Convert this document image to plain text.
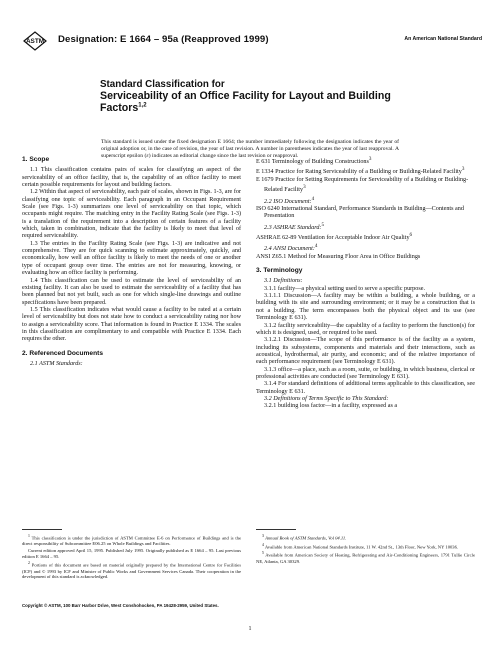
ASTM Designation: E 1664 – 95a (Reapproved 1999)	An American National Standard
Standard Classification for
Serviceability of an Office Facility for Layout and Building
Factors$^{1,2}$
This standard is issued under the fixed designation E 1664; the number immediately following the designation indicates the year of original adoption or, in the case of revision, the year of last revision. A number in parentheses indicates the year of last reapproval. A superscript epsilon (ε) indicates an editorial change since the last revision or reapproval.
1. Scope

1.1 This classification contains pairs of scales for classifying an aspect of the serviceability of an office facility, that is, the capability of an office facility to meet certain possible requirements for layout and building factors.

1.2 Within that aspect of serviceability, each pair of scales, shown in Figs. 1-3, are for classifying one topic of serviceability. Each paragraph in an Occupant Requirement Scale (see Figs. 1-3) summarizes one level of serviceability on that topic, which occupants might require. The matching entry in the Facility Rating Scale (see Figs. 1-3) is a translation of the requirement into a description of certain features of a facility which, taken in combination, indicate that the facility is likely to meet that level of required serviceability.

1.3 The entries in the Facility Rating Scale (see Figs. 1-3) are indicative and not comprehensive. They are for quick scanning to estimate approximately, quickly, and economically, how well an office facility is likely to meet the needs of one or another type of occupant group over time. The entries are not for measuring, knowing, or evaluating how an office facility is performing.

1.4 This classification can be used to estimate the level of serviceability of an existing facility. It can also be used to estimate the serviceability of a facility that has been planned but not yet built, such as one for which single-line drawings and outline specifications have been prepared.

1.5 This classification indicates what would cause a facility to be rated at a certain level of serviceability but does not state how to conduct a serviceability rating nor how to assign a serviceability score. That information is found in Practice E 1334. The scales in this classification are complimentary to and compatible with Practice E 1334. Each requires the other.

2. Referenced Documents

2.1 ASTM Standards:

E 631 Terminology of Building Constructions$^3$

E 1334 Practice for Rating Serviceability of a Building or Building-Related Facility$^3$

E 1679 Practice for Setting Requirements for Serviceability of a Building or Building-Related Facility$^3$

2.2 ISO Document:$^4$

ISO 6240 International Standard, Performance Standards in Building—Contents and Presentation

2.3 ASHRAE Standard:$^5$

ASHRAE 62-89 Ventilation for Acceptable Indoor Air Quality$^6$

2.4 ANSI Document:$^4$

ANSI Z65.1 Method for Measuring Floor Area in Office Buildings

3. Terminology

3.1 Definitions:

3.1.1 facility—a physical setting used to serve a specific purpose.

3.1.1.1 Discussion—A facility may be within a building, a whole building, or a building with its site and surrounding environment; or it may be a construction that is not a building. The term encompasses both the physical object and its use (see Terminology E 631).

3.1.2 facility serviceability—the capability of a facility to perform the function(s) for which it is designed, used, or required to be used.

3.1.2.1 Discussion—The scope of this performance is of the facility as a system, including its subsystems, components and materials and their interactions, such as acoustical, hydrothermal, air purity, and economic; and of the relative importance of each performance requirement (see Terminology E 631).

3.1.3 office—a place, such as a room, suite, or building, in which business, clerical or professional activities are conducted (see Terminology E 631).

3.1.4 For standard definitions of additional terms applicable to this classification, see Terminology E 631.

3.2 Definitions of Terms Specific to This Standard:

3.2.1 building loss factor—in a facility, expressed as a

$^1$ This classification is under the jurisdiction of ASTM Committee E-6 on Performance of Buildings and is the direct responsibility of Subcommittee E06.25 on Whole Buildings and Facilities.

Current edition approved April 15, 1995. Published July 1995. Originally published as E 1664 – 95. Last previous edition E 1664 – 95.

$^2$ Portions of this document are based on material originally prepared by the International Centre for Facilities (ICF) and © 1993 by ICF and Minister of Public Works and Government Services Canada. Their cooperation in the development of this standard is acknowledged.

$^3$ Annual Book of ASTM Standards, Vol 04.11.

$^4$ Available from American National Standards Institute, 11 W. 42nd St., 13th Floor, New York, NY 10036.

$^5$ Available from American Society of Heating, Refrigerating and Air-Conditioning Engineers, 1791 Tullie Circle NE, Atlanta, GA 30329.

Copyright © ASTM, 100 Barr Harbor Drive, West Conshohocken, PA 19428-2959, United States.
1
